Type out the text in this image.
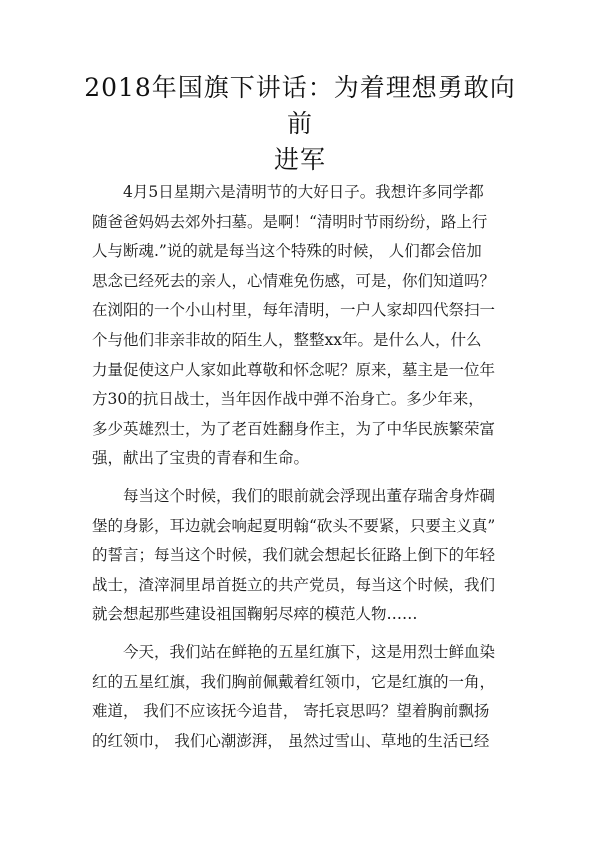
2018年国旗下讲话：为着理想勇敢向前
进军
4月5日星期六是清明节的大好日子。我想许多同学都
随爸爸妈妈去郊外扫墓。是啊！“清明时节雨纷纷，路上行
人与断魂.”说的就是每当这个特殊的时候， 人们都会倍加
思念已经死去的亲人，心情难免伤感，可是，你们知道吗？
在浏阳的一个小山村里，每年清明，一户人家却四代祭扫一
个与他们非亲非故的陌生人，整整xx年。是什么人，什么
力量促使这户人家如此尊敬和怀念呢？原来，墓主是一位年
方30的抗日战士，当年因作战中弹不治身亡。多少年来，
多少英雄烈士，为了老百姓翻身作主，为了中华民族繁荣富
强，献出了宝贵的青春和生命。
每当这个时候，我们的眼前就会浮现出董存瑞舍身炸碉
堡的身影，耳边就会响起夏明翰“砍头不要紧，只要主义真”
的誓言；每当这个时候，我们就会想起长征路上倒下的年轻
战士，渣滓洞里昂首挺立的共产党员，每当这个时候，我们
就会想起那些建设祖国鞠躬尽瘁的模范人物……
今天，我们站在鲜艳的五星红旗下，这是用烈士鲜血染
红的五星红旗，我们胸前佩戴着红领巾，它是红旗的一角，
难道， 我们不应该抚今追昔， 寄托哀思吗？望着胸前飘扬
的红领巾， 我们心潮澎湃， 虽然过雪山、草地的生活已经
